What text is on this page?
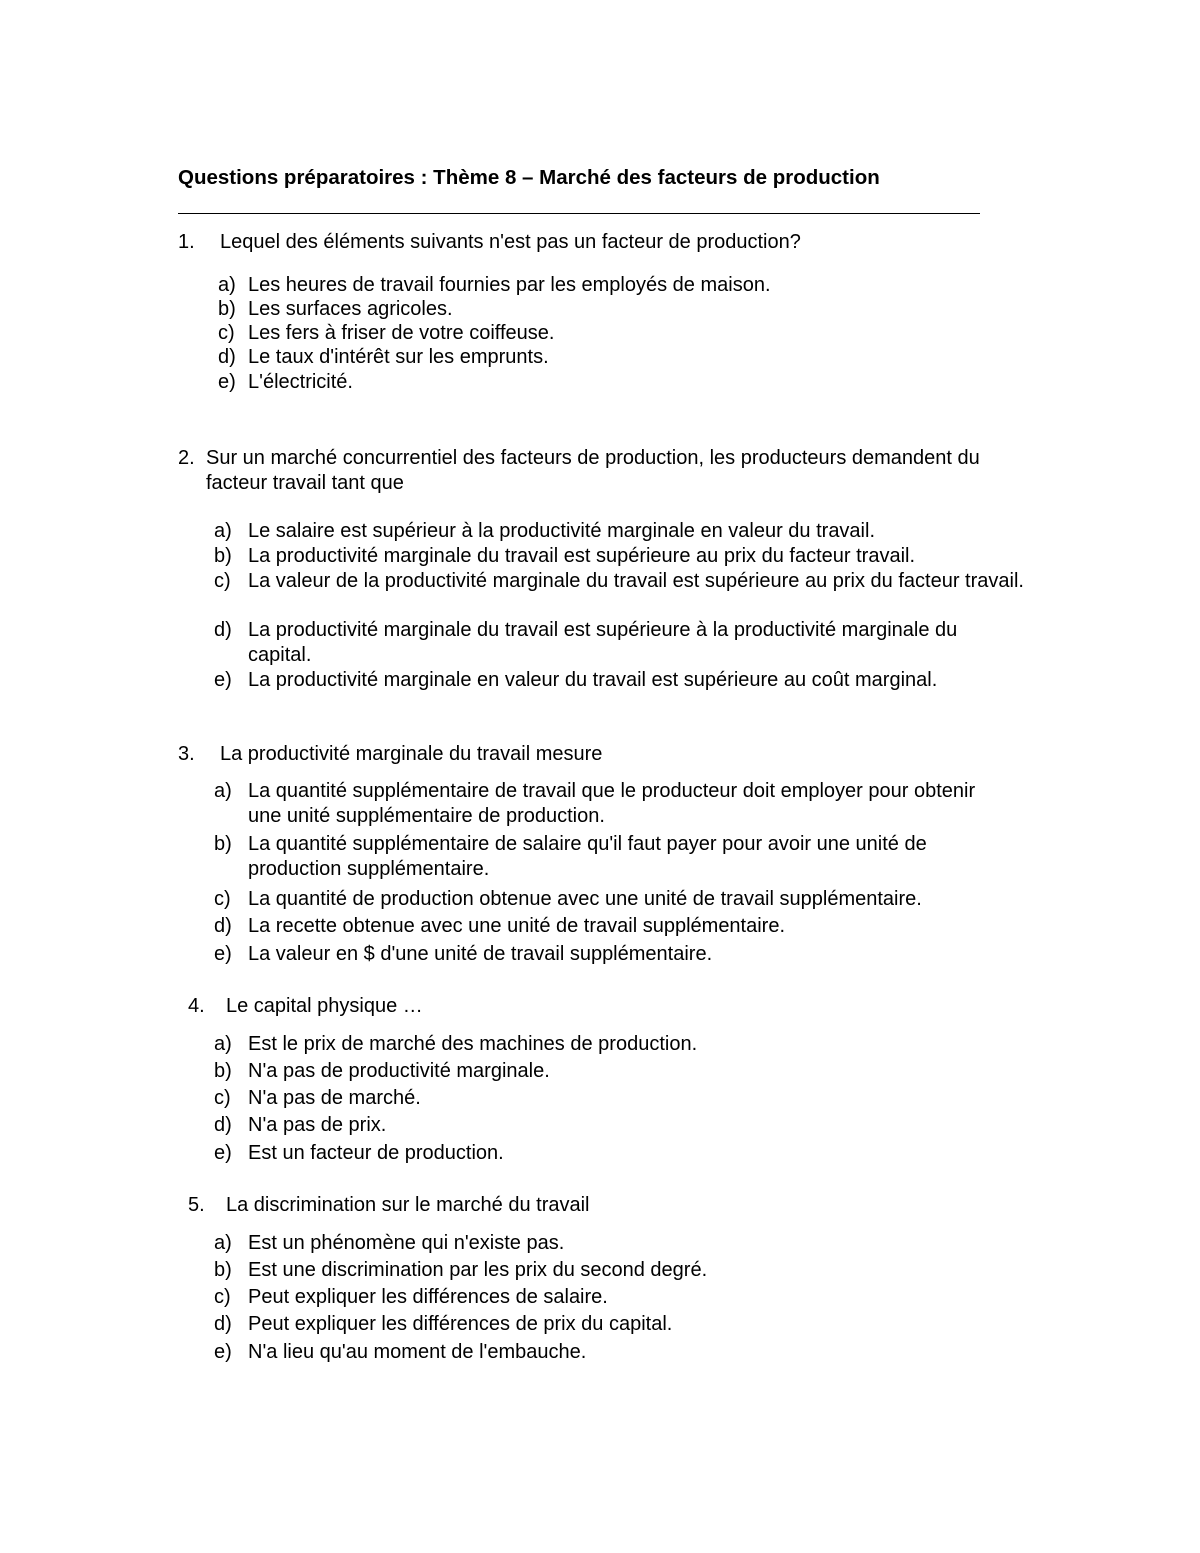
Questions préparatoires : Thème 8 – Marché des facteurs de production
1. Lequel des éléments suivants n'est pas un facteur de production?
a) Les heures de travail fournies par les employés de maison.
b) Les surfaces agricoles.
c) Les fers à friser de votre coiffeuse.
d) Le taux d'intérêt sur les emprunts.
e) L'électricité.
2. Sur un marché concurrentiel des facteurs de production, les producteurs demandent du facteur travail tant que
a) Le salaire est supérieur à la productivité marginale en valeur du travail.
b) La productivité marginale du travail est supérieure au prix du facteur travail.
c) La valeur de la productivité marginale du travail est supérieure au prix du facteur travail.
d) La productivité marginale du travail est supérieure à la productivité marginale du capital.
e) La productivité marginale en valeur du travail est supérieure au coût marginal.
3. La productivité marginale du travail mesure
a) La quantité supplémentaire de travail que le producteur doit employer pour obtenir une unité supplémentaire de production.
b) La quantité supplémentaire de salaire qu'il faut payer pour avoir une unité de production supplémentaire.
c) La quantité de production obtenue avec une unité de travail supplémentaire.
d) La recette obtenue avec une unité de travail supplémentaire.
e) La valeur en $ d'une unité de travail supplémentaire.
4. Le capital physique …
a) Est le prix de marché des machines de production.
b) N'a pas de productivité marginale.
c) N'a pas de marché.
d) N'a pas de prix.
e) Est un facteur de production.
5. La discrimination sur le marché du travail
a) Est un phénomène qui n'existe pas.
b) Est une discrimination par les prix du second degré.
c) Peut expliquer les différences de salaire.
d) Peut expliquer les différences de prix du capital.
e) N'a lieu qu'au moment de l'embauche.
